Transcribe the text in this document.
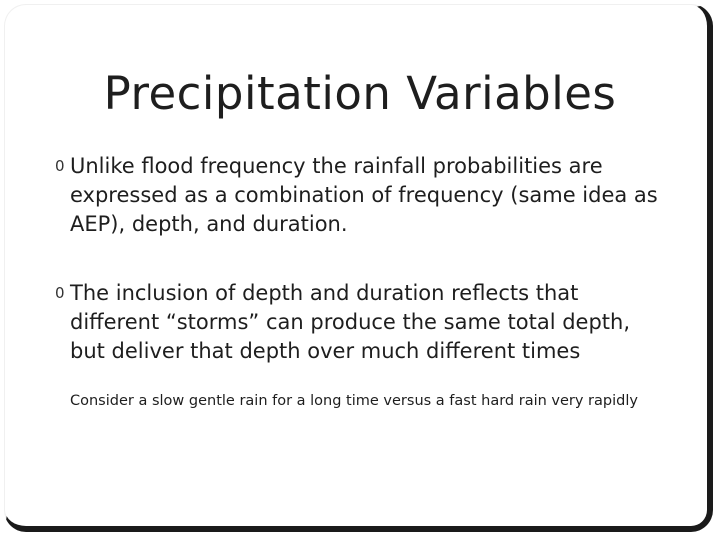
Precipitation Variables
0 Unlike flood frequency the rainfall probabilities are expressed as a combination of frequency (same idea as AEP), depth, and duration.
0 The inclusion of depth and duration reflects that different “storms” can produce the same total depth, but deliver that depth over much different times
Consider a slow gentle rain for a long time versus a fast hard rain very rapidly
